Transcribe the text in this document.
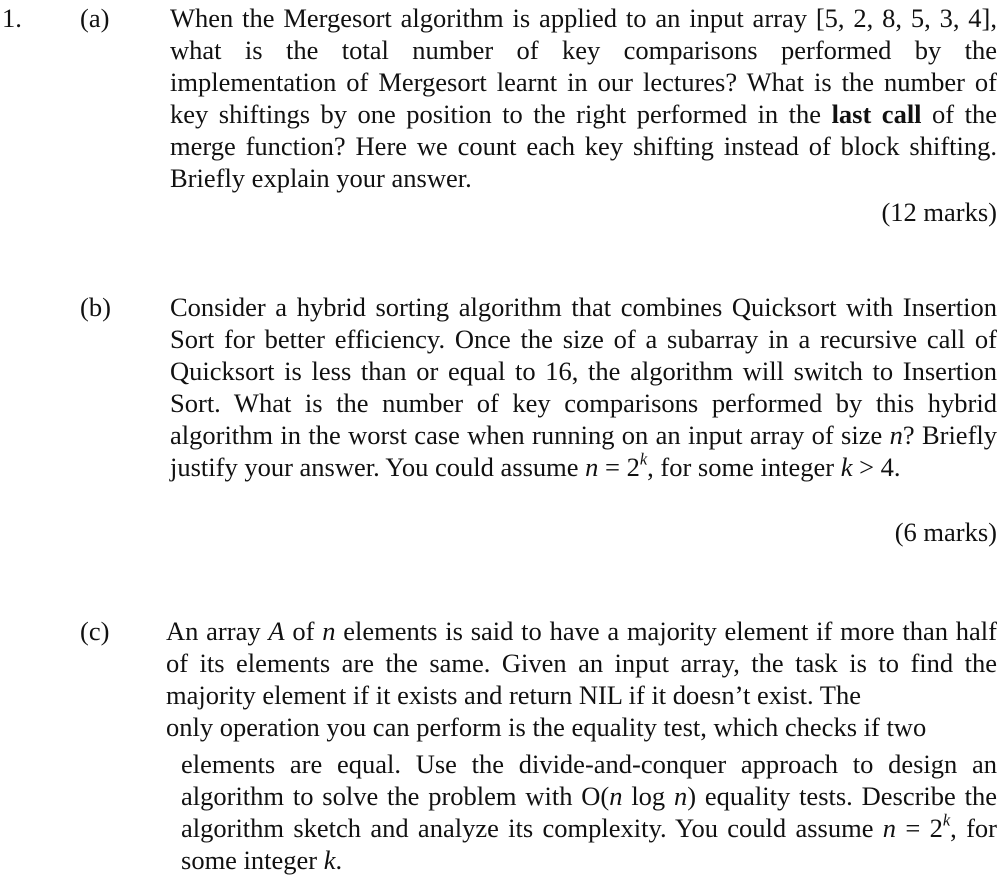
1. (a) When the Mergesort algorithm is applied to an input array [5, 2, 8, 5, 3, 4], what is the total number of key comparisons performed by the implementation of Mergesort learnt in our lectures? What is the number of key shiftings by one position to the right performed in the last call of the merge function? Here we count each key shifting instead of block shifting. Briefly explain your answer.

(12 marks)
(b) Consider a hybrid sorting algorithm that combines Quicksort with Insertion Sort for better efficiency. Once the size of a subarray in a recursive call of Quicksort is less than or equal to 16, the algorithm will switch to Insertion Sort. What is the number of key comparisons performed by this hybrid algorithm in the worst case when running on an input array of size n? Briefly justify your answer. You could assume $n = 2^k$, for some integer k > 4.

(6 marks)
(c) An array A of n elements is said to have a majority element if more than half of its elements are the same. Given an input array, the task is to find the majority element if it exists and return NIL if it doesn’t exist. The
only operation you can perform is the equality test, which checks if two

elements are equal. Use the divide-and-conquer approach to design an algorithm to solve the problem with O(n log n) equality tests. Describe the algorithm sketch and analyze its complexity. You could assume $n = 2^k$, for some integer k.
